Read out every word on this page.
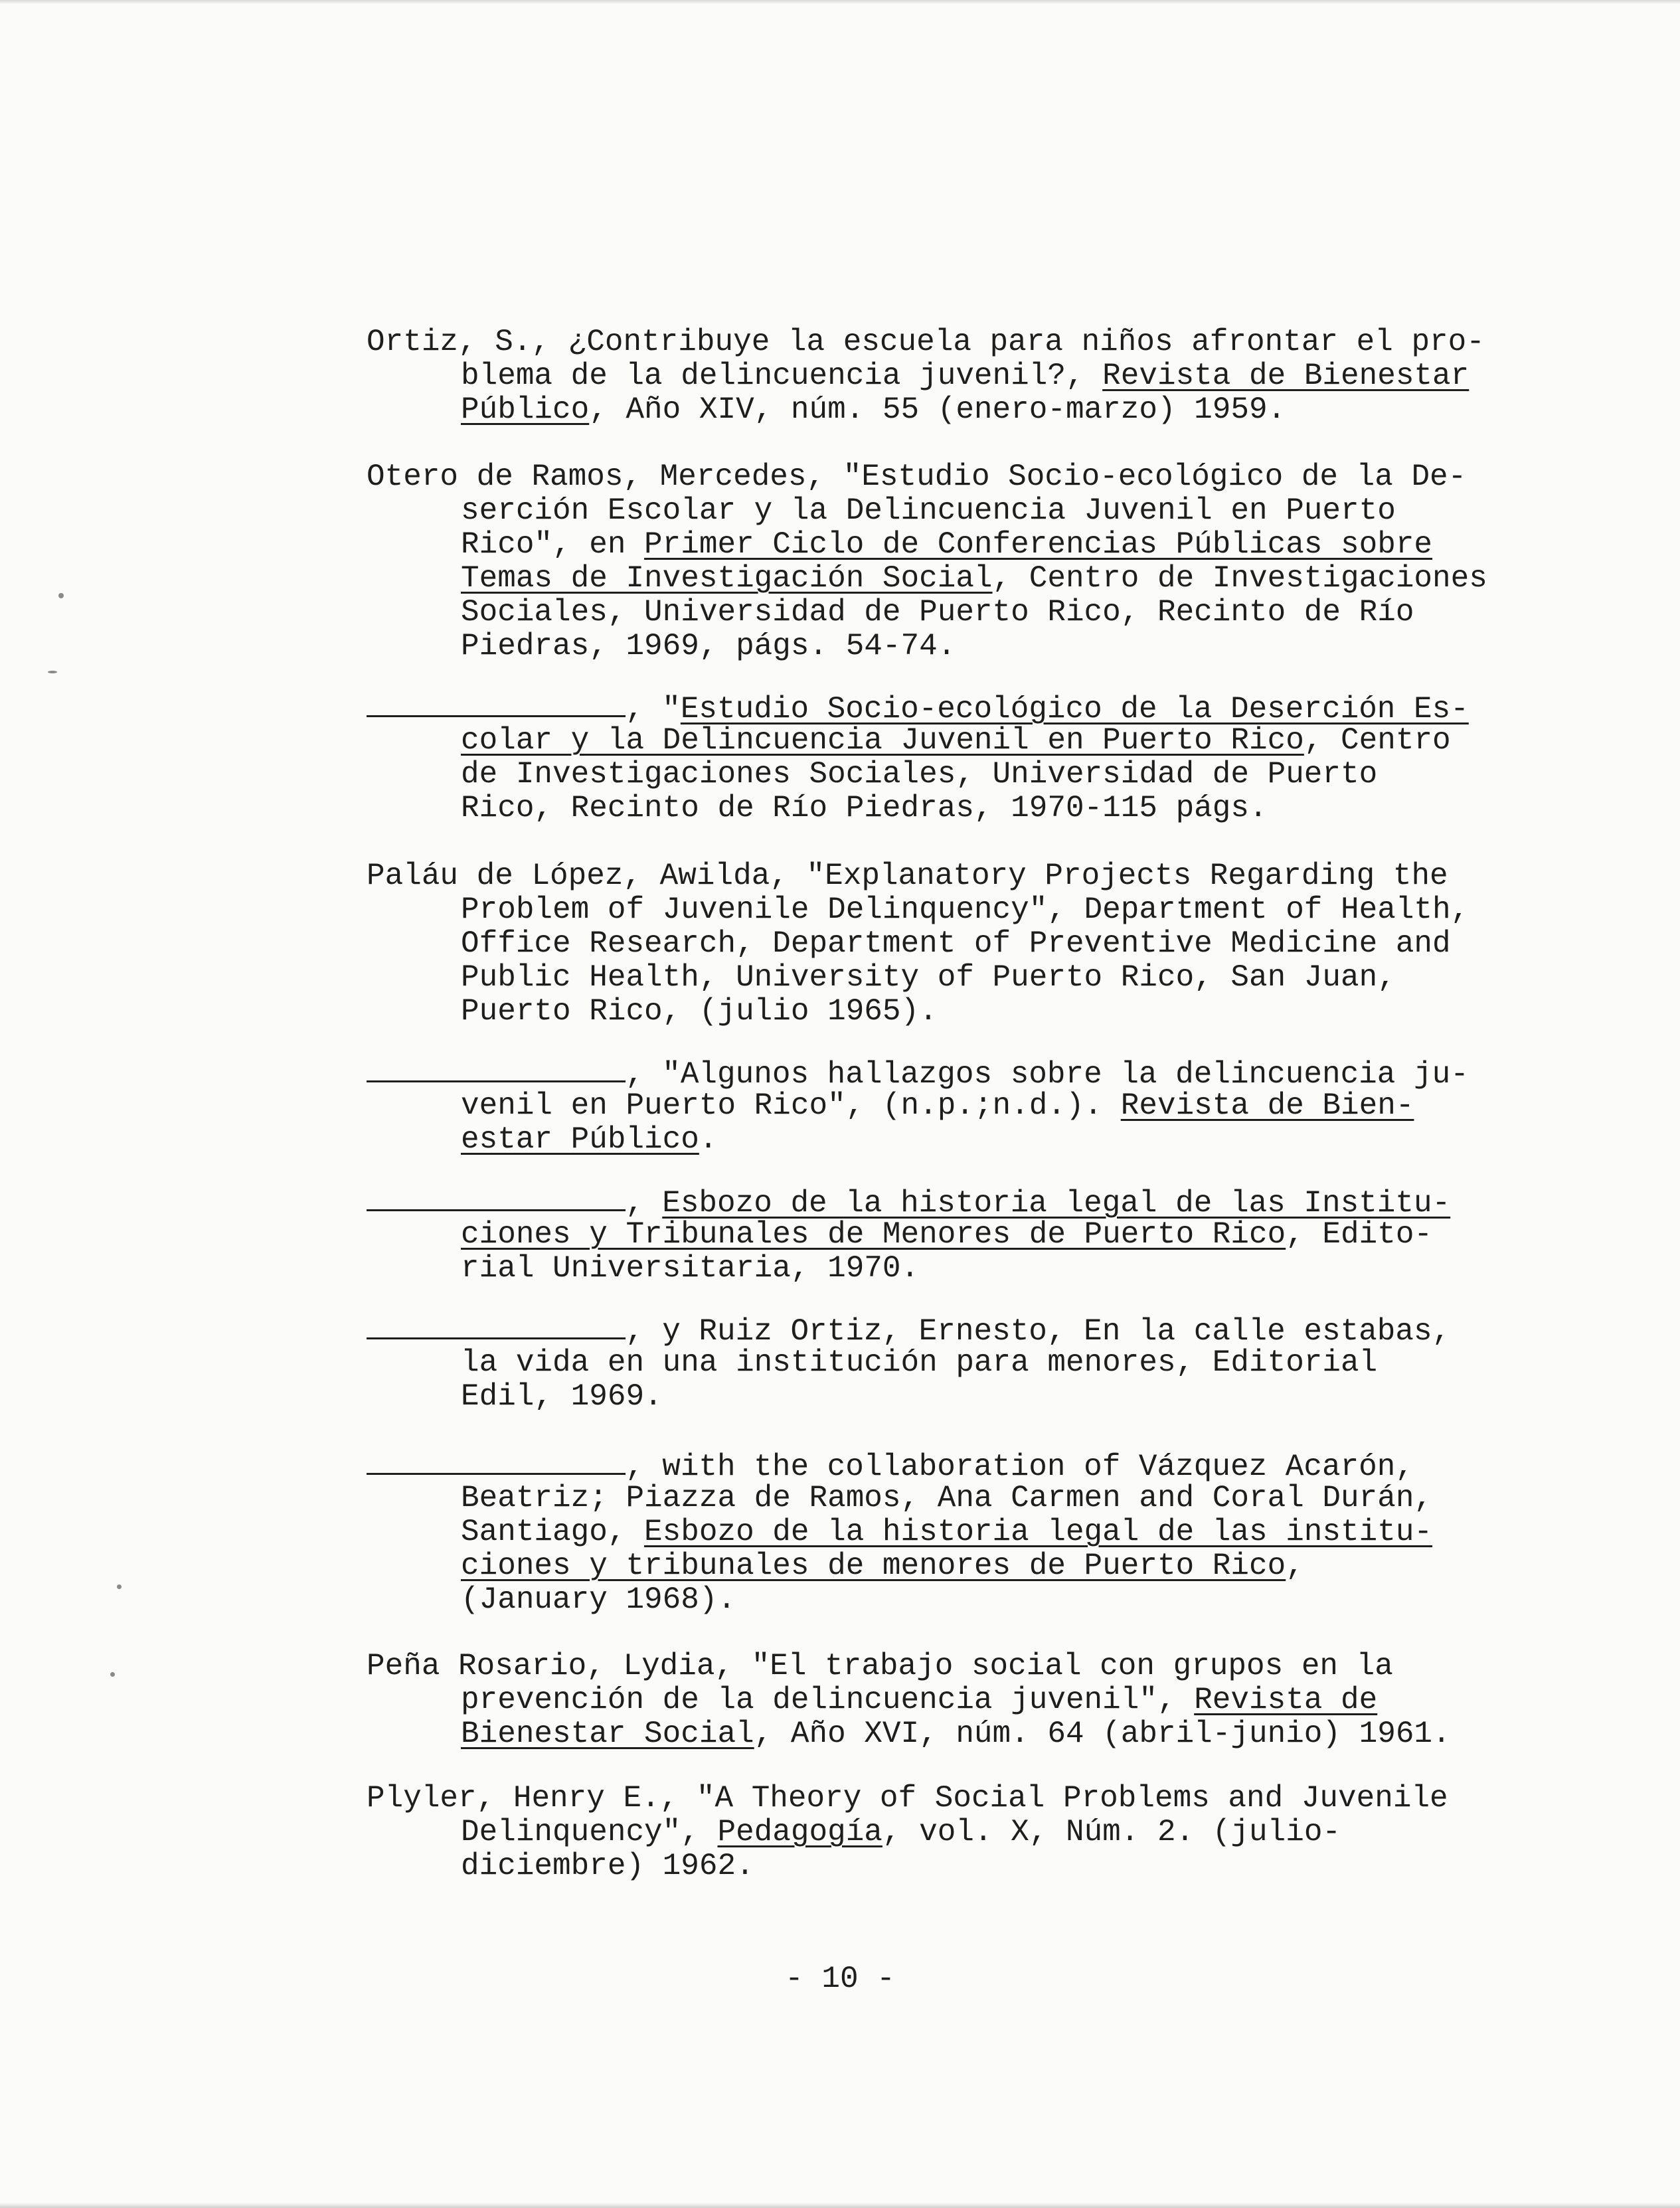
Ortiz, S., ¿Contribuye la escuela para niños afrontar el pro-
blema de la delincuencia juvenil?, Revista de Bienestar
Público, Año XIV, núm. 55 (enero-marzo) 1959.
Otero de Ramos, Mercedes, "Estudio Socio-ecológico de la De-
serción Escolar y la Delincuencia Juvenil en Puerto
Rico", en Primer Ciclo de Conferencias Públicas sobre
Temas de Investigación Social, Centro de Investigaciones
Sociales, Universidad de Puerto Rico, Recinto de Río
Piedras, 1969, págs. 54-74.
, "Estudio Socio-ecológico de la Deserción Es-
colar y la Delincuencia Juvenil en Puerto Rico, Centro
de Investigaciones Sociales, Universidad de Puerto
Rico, Recinto de Río Piedras, 1970-115 págs.
Paláu de López, Awilda, "Explanatory Projects Regarding the
Problem of Juvenile Delinquency", Department of Health,
Office Research, Department of Preventive Medicine and
Public Health, University of Puerto Rico, San Juan,
Puerto Rico, (julio 1965).
, "Algunos hallazgos sobre la delincuencia ju-
venil en Puerto Rico", (n.p.;n.d.). Revista de Bien-
estar Público.
, Esbozo de la historia legal de las Institu-
ciones y Tribunales de Menores de Puerto Rico, Edito-
rial Universitaria, 1970.
, y Ruiz Ortiz, Ernesto, En la calle estabas,
la vida en una institución para menores, Editorial
Edil, 1969.
, with the collaboration of Vázquez Acarón,
Beatriz; Piazza de Ramos, Ana Carmen and Coral Durán,
Santiago, Esbozo de la historia legal de las institu-
ciones y tribunales de menores de Puerto Rico,
(January 1968).
Peña Rosario, Lydia, "El trabajo social con grupos en la
prevención de la delincuencia juvenil", Revista de
Bienestar Social, Año XVI, núm. 64 (abril-junio) 1961.
Plyler, Henry E., "A Theory of Social Problems and Juvenile
Delinquency", Pedagogía, vol. X, Núm. 2. (julio-
diciembre) 1962.
- 10 -
